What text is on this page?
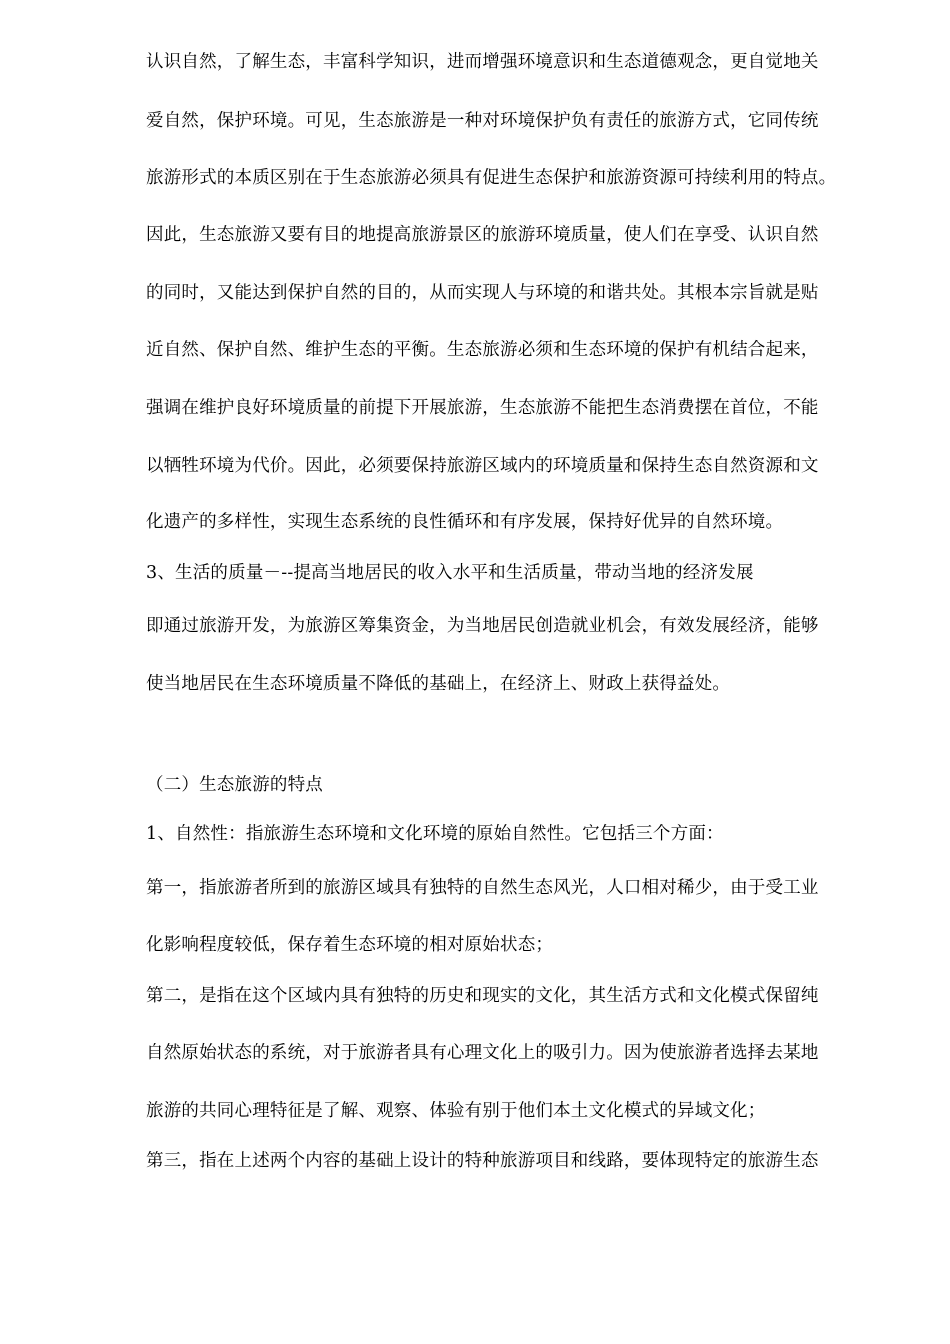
认识自然，了解生态，丰富科学知识，进而增强环境意识和生态道德观念，更自觉地关
爱自然，保护环境。可见，生态旅游是一种对环境保护负有责任的旅游方式，它同传统
旅游形式的本质区别在于生态旅游必须具有促进生态保护和旅游资源可持续利用的特点。
因此，生态旅游又要有目的地提高旅游景区的旅游环境质量，使人们在享受、认识自然
的同时，又能达到保护自然的目的，从而实现人与环境的和谐共处。其根本宗旨就是贴
近自然、保护自然、维护生态的平衡。生态旅游必须和生态环境的保护有机结合起来，
强调在维护良好环境质量的前提下开展旅游，生态旅游不能把生态消费摆在首位，不能
以牺牲环境为代价。因此，必须要保持旅游区域内的环境质量和保持生态自然资源和文
化遗产的多样性，实现生态系统的良性循环和有序发展，保持好优异的自然环境。
3、生活的质量－--提高当地居民的收入水平和生活质量，带动当地的经济发展
即通过旅游开发，为旅游区筹集资金，为当地居民创造就业机会，有效发展经济，能够
使当地居民在生态环境质量不降低的基础上，在经济上、财政上获得益处。
（二）生态旅游的特点
1、自然性：指旅游生态环境和文化环境的原始自然性。它包括三个方面：
第一，指旅游者所到的旅游区域具有独特的自然生态风光，人口相对稀少，由于受工业
化影响程度较低，保存着生态环境的相对原始状态；
第二，是指在这个区域内具有独特的历史和现实的文化，其生活方式和文化模式保留纯
自然原始状态的系统，对于旅游者具有心理文化上的吸引力。因为使旅游者选择去某地
旅游的共同心理特征是了解、观察、体验有别于他们本土文化模式的异域文化；
第三，指在上述两个内容的基础上设计的特种旅游项目和线路，要体现特定的旅游生态
